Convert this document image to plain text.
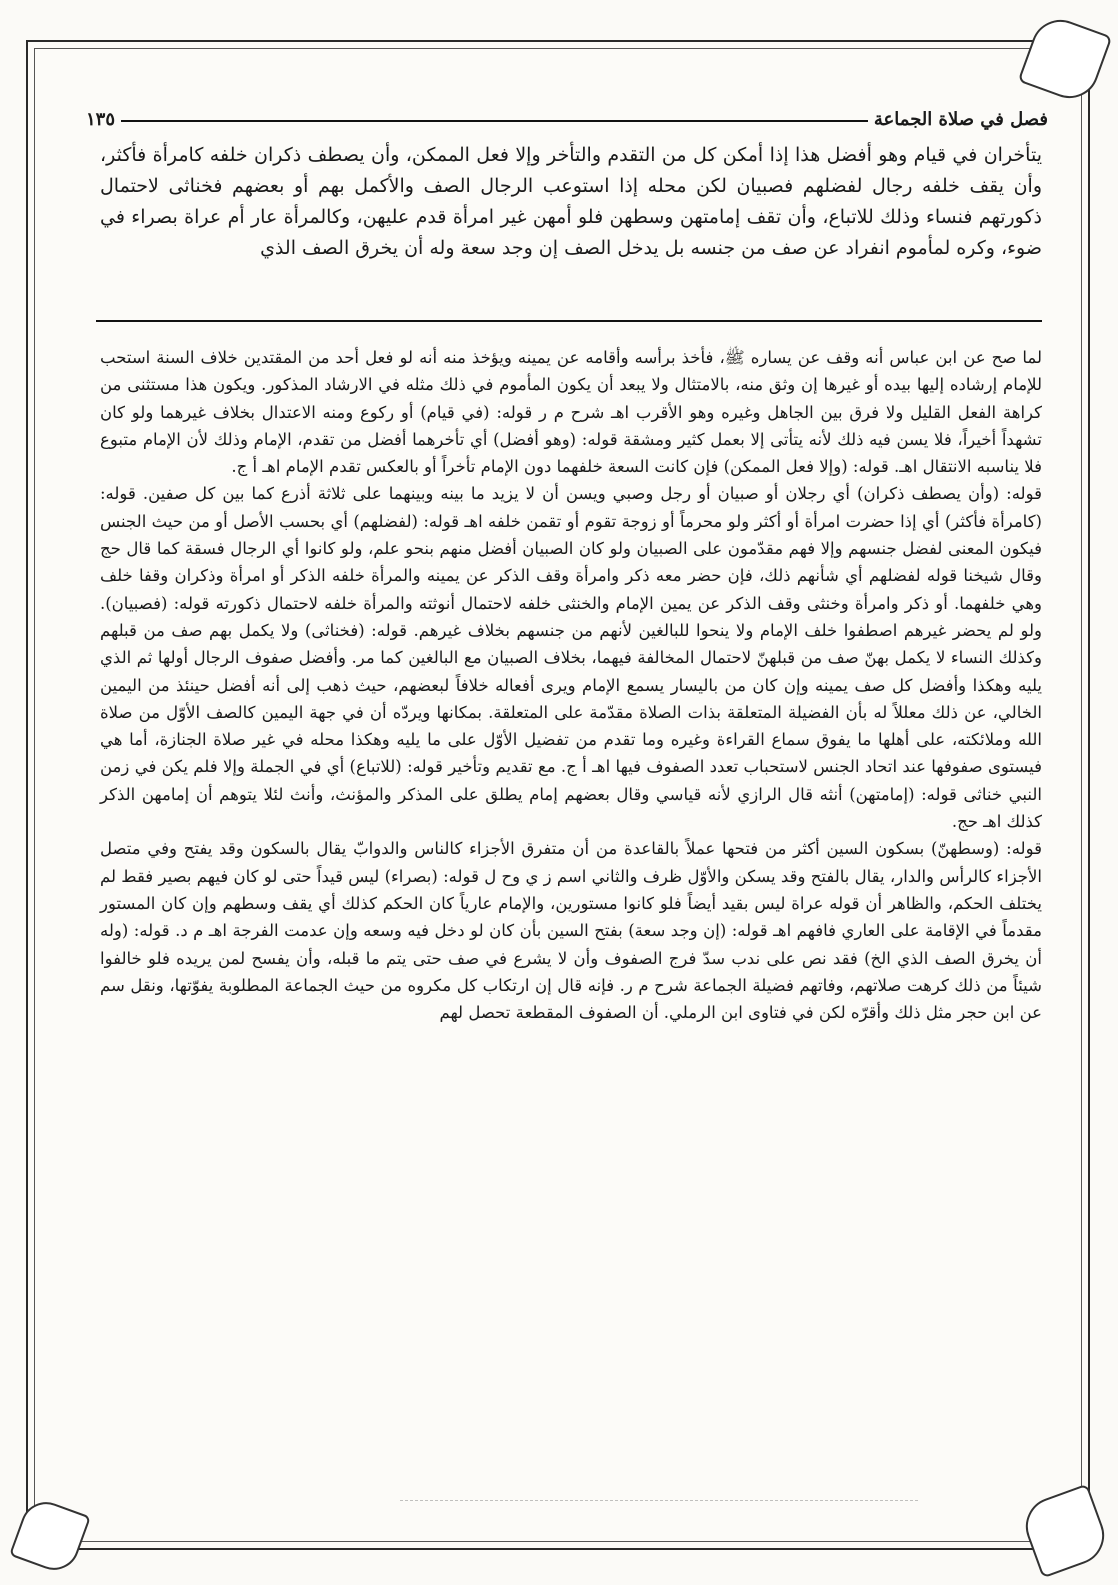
فصل في صلاة الجماعة
١٣٥
يتأخران في قيام وهو أفضل هذا إذا أمكن كل من التقدم والتأخر وإلا فعل الممكن، وأن يصطف ذكران خلفه كامرأة فأكثر، وأن يقف خلفه رجال لفضلهم فصبيان لكن محله إذا استوعب الرجال الصف والأكمل بهم أو بعضهم فخناثى لاحتمال ذكورتهم فنساء وذلك للاتباع، وأن تقف إمامتهن وسطهن فلو أمهن غير امرأة قدم عليهن، وكالمرأة عار أم عراة بصراء في ضوء، وكره لمأموم انفراد عن صف من جنسه بل يدخل الصف إن وجد سعة وله أن يخرق الصف الذي

لما صح عن ابن عباس أنه وقف عن يساره ﷺ، فأخذ برأسه وأقامه عن يمينه ويؤخذ منه أنه لو فعل أحد من المقتدين خلاف السنة استحب للإمام إرشاده إليها بيده أو غيرها إن وثق منه، بالامتثال ولا يبعد أن يكون المأموم في ذلك مثله في الارشاد المذكور. ويكون هذا مستثنى من كراهة الفعل القليل ولا فرق بين الجاهل وغيره وهو الأقرب اهـ شرح م ر قوله: (في قيام) أو ركوع ومنه الاعتدال بخلاف غيرهما ولو كان تشهداً أخيراً، فلا يسن فيه ذلك لأنه يتأتى إلا بعمل كثير ومشقة قوله: (وهو أفضل) أي تأخرهما أفضل من تقدم، الإمام وذلك لأن الإمام متبوع فلا يناسبه الانتقال اهـ. قوله: (وإلا فعل الممكن) فإن كانت السعة خلفهما دون الإمام تأخراً أو بالعكس تقدم الإمام اهـ أ ج.

قوله: (وأن يصطف ذكران) أي رجلان أو صبيان أو رجل وصبي ويسن أن لا يزيد ما بينه وبينهما على ثلاثة أذرع كما بين كل صفين. قوله: (كامرأة فأكثر) أي إذا حضرت امرأة أو أكثر ولو محرماً أو زوجة تقوم أو تقمن خلفه اهـ قوله: (لفضلهم) أي بحسب الأصل أو من حيث الجنس فيكون المعنى لفضل جنسهم وإلا فهم مقدّمون على الصبيان ولو كان الصبيان أفضل منهم بنحو علم، ولو كانوا أي الرجال فسقة كما قال حج وقال شيخنا قوله لفضلهم أي شأنهم ذلك، فإن حضر معه ذكر وامرأة وقف الذكر عن يمينه والمرأة خلفه الذكر أو امرأة وذكران وقفا خلف وهي خلفهما. أو ذكر وامرأة وخنثى وقف الذكر عن يمين الإمام والخنثى خلفه لاحتمال أنوثته والمرأة خلفه لاحتمال ذكورته قوله: (فصبيان). ولو لم يحضر غيرهم اصطفوا خلف الإمام ولا ينحوا للبالغين لأنهم من جنسهم بخلاف غيرهم. قوله: (فخناثى) ولا يكمل بهم صف من قبلهم وكذلك النساء لا يكمل بهنّ صف من قبلهنّ لاحتمال المخالفة فيهما، بخلاف الصبيان مع البالغين كما مر. وأفضل صفوف الرجال أولها ثم الذي يليه وهكذا وأفضل كل صف يمينه وإن كان من باليسار يسمع الإمام ويرى أفعاله خلافاً لبعضهم، حيث ذهب إلى أنه أفضل حينئذ من اليمين الخالي، عن ذلك معللاً له بأن الفضيلة المتعلقة بذات الصلاة مقدّمة على المتعلقة. بمكانها ويردّه أن في جهة اليمين كالصف الأوّل من صلاة الله وملائكته، على أهلها ما يفوق سماع القراءة وغيره وما تقدم من تفضيل الأوّل على ما يليه وهكذا محله في غير صلاة الجنازة، أما هي فيستوى صفوفها عند اتحاد الجنس لاستحباب تعدد الصفوف فيها اهـ أ ج. مع تقديم وتأخير قوله: (للاتباع) أي في الجملة وإلا فلم يكن في زمن النبي خناثى قوله: (إمامتهن) أنثه قال الرازي لأنه قياسي وقال بعضهم إمام يطلق على المذكر والمؤنث، وأنث لئلا يتوهم أن إمامهن الذكر كذلك اهـ حج.

قوله: (وسطهنّ) بسكون السين أكثر من فتحها عملاً بالقاعدة من أن متفرق الأجزاء كالناس والدوابّ يقال بالسكون وقد يفتح وفي متصل الأجزاء كالرأس والدار، يقال بالفتح وقد يسكن والأوّل ظرف والثاني اسم ز ي وح ل قوله: (بصراء) ليس قيداً حتى لو كان فيهم بصير فقط لم يختلف الحكم، والظاهر أن قوله عراة ليس بقيد أيضاً فلو كانوا مستورين، والإمام عارياً كان الحكم كذلك أي يقف وسطهم وإن كان المستور مقدماً في الإقامة على العاري فافهم اهـ قوله: (إن وجد سعة) بفتح السين بأن كان لو دخل فيه وسعه وإن عدمت الفرجة اهـ م د. قوله: (وله أن يخرق الصف الذي الخ) فقد نص على ندب سدّ فرج الصفوف وأن لا يشرع في صف حتى يتم ما قبله، وأن يفسح لمن يريده فلو خالفوا شيئاً من ذلك كرهت صلاتهم، وفاتهم فضيلة الجماعة شرح م ر. فإنه قال إن ارتكاب كل مكروه من حيث الجماعة المطلوبة يفوّتها، ونقل سم عن ابن حجر مثل ذلك وأقرّه لكن في فتاوى ابن الرملي. أن الصفوف المقطعة تحصل لهم
